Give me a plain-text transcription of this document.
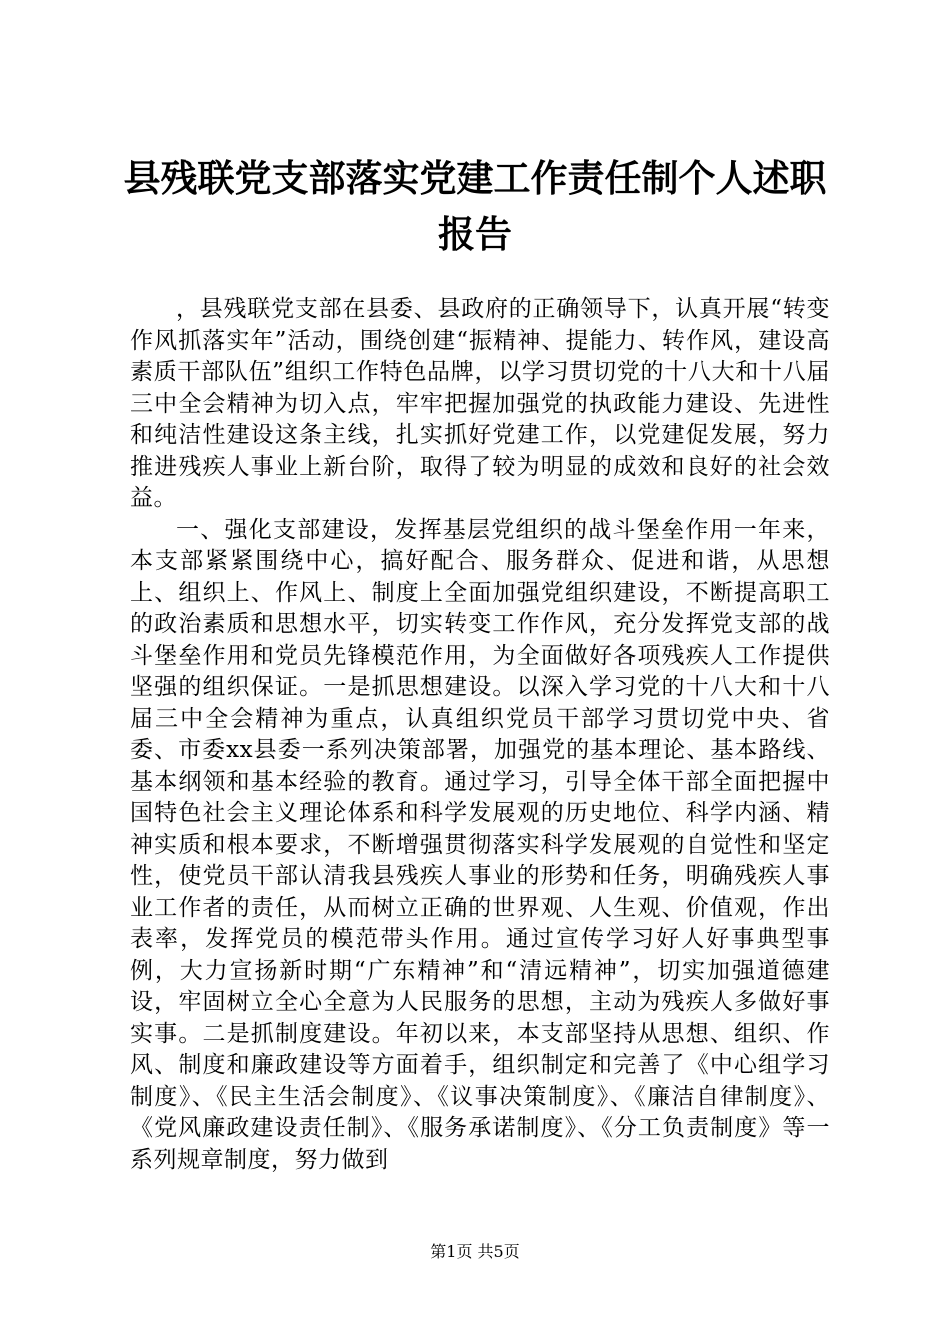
县残联党支部落实党建工作责任制个人述职报告

，县残联党支部在县委、县政府的正确领导下，认真开展“转变作风抓落实年”活动，围绕创建“振精神、提能力、转作风，建设高素质干部队伍”组织工作特色品牌，以学习贯切党的十八大和十八届三中全会精神为切入点，牢牢把握加强党的执政能力建设、先进性和纯洁性建设这条主线，扎实抓好党建工作，以党建促发展，努力推进残疾人事业上新台阶，取得了较为明显的成效和良好的社会效益。

一、强化支部建设，发挥基层党组织的战斗堡垒作用一年来，本支部紧紧围绕中心，搞好配合、服务群众、促进和谐，从思想上、组织上、作风上、制度上全面加强党组织建设，不断提高职工的政治素质和思想水平，切实转变工作作风，充分发挥党支部的战斗堡垒作用和党员先锋模范作用，为全面做好各项残疾人工作提供坚强的组织保证。一是抓思想建设。以深入学习党的十八大和十八届三中全会精神为重点，认真组织党员干部学习贯切党中央、省委、市委xx县委一系列决策部署，加强党的基本理论、基本路线、基本纲领和基本经验的教育。通过学习，引导全体干部全面把握中国特色社会主义理论体系和科学发展观的历史地位、科学内涵、精神实质和根本要求，不断增强贯彻落实科学发展观的自觉性和坚定性，使党员干部认清我县残疾人事业的形势和任务，明确残疾人事业工作者的责任，从而树立正确的世界观、人生观、价值观，作出表率，发挥党员的模范带头作用。通过宣传学习好人好事典型事例，大力宣扬新时期“广东精神”和“清远精神”，切实加强道德建设，牢固树立全心全意为人民服务的思想，主动为残疾人多做好事实事。二是抓制度建设。年初以来，本支部坚持从思想、组织、作风、制度和廉政建设等方面着手，组织制定和完善了《中心组学习制度》、《民主生活会制度》、《议事决策制度》、《廉洁自律制度》、《党风廉政建设责任制》、《服务承诺制度》、《分工负责制度》等一系列规章制度，努力做到

第1页 共5页
